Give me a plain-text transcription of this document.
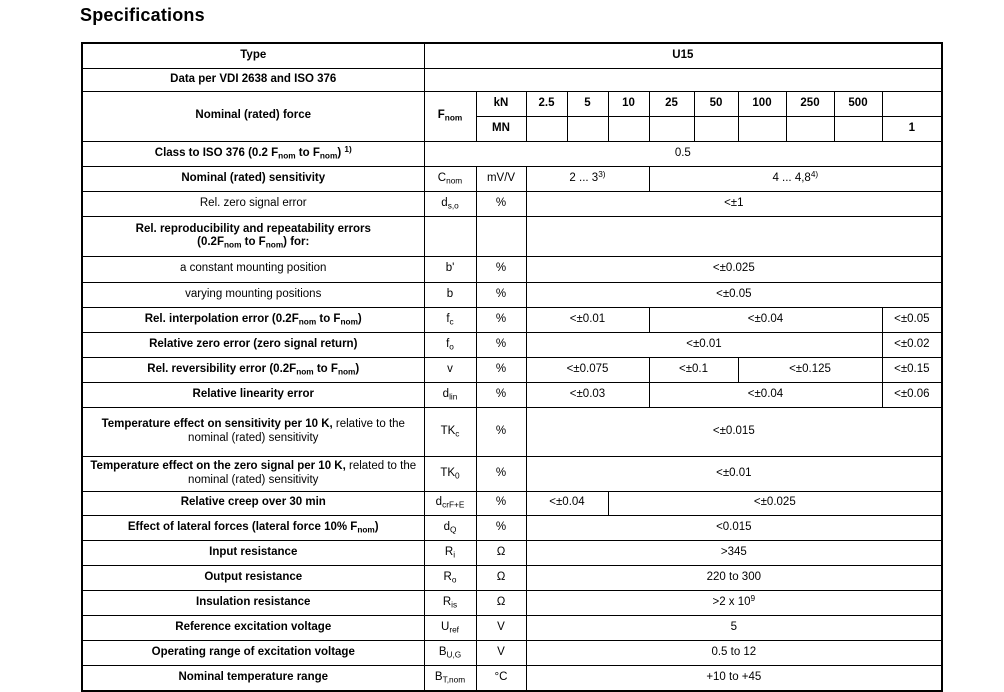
Specifications
Type	U15										
Data per VDI 2638 and ISO 376											
Nominal (rated) force	$F_{nom}$	kN	2.5	5	10	25	50	100	250	500	
		MN									1
Class to ISO 376 (0.2 $F_{nom}$ to $F_{nom}$) $^{1)}$	0.5										
Nominal (rated) sensitivity	$C_{nom}$	mV/V	2 ... 3$^{3)}$			4 ... 4,8$^{4)}$
Rel. zero signal error	$d_{s,o}$	%	<±1								

Rel. reproducibility and repeatability errors
($0.2F_{nom}$ to $F_{nom}$) for:											

a constant mounting position	b'	%	<±0.025								
varying mounting positions	b	%	<±0.05								
Rel. interpolation error ($0.2F_{nom}$ to $F_{nom}$)	$f_c$	%	<±0.01			<±0.04					<±0.05
Relative zero error (zero signal return)	$f_o$	%	<±0.01								<±0.02
Rel. reversibility error ($0.2F_{nom}$ to $F_{nom}$)	v	%	<±0.075			<±0.1		<±0.125			<±0.15
Relative linearity error	$d_{lin}$	%	<±0.03			<±0.04					<±0.06
Temperature effect on sensitivity per 10 K, relative to the nominal (rated) sensitivity	$TK_c$	%	<±0.015								
Temperature effect on the zero signal per 10 K, related to the nominal (rated) sensitivity	$TK_0$	%	<±0.01								
Relative creep over 30 min	$d_{crF+E}$	%	<±0.04		<±0.025						
Effect of lateral forces (lateral force 10% $F_{nom}$)	$d_Q$	%	<0.015								
Input resistance	$R_i$	Ω	>345								
Output resistance	$R_o$	Ω	220 to 300								
Insulation resistance	$R_{is}$	Ω	>2 x $10^9$
Reference excitation voltage	$U_{ref}$	V	5								
Operating range of excitation voltage	$B_{U,G}$	V	0.5 to 12								
Nominal temperature range	$B_{T,nom}$	°C	+10 to +45								
